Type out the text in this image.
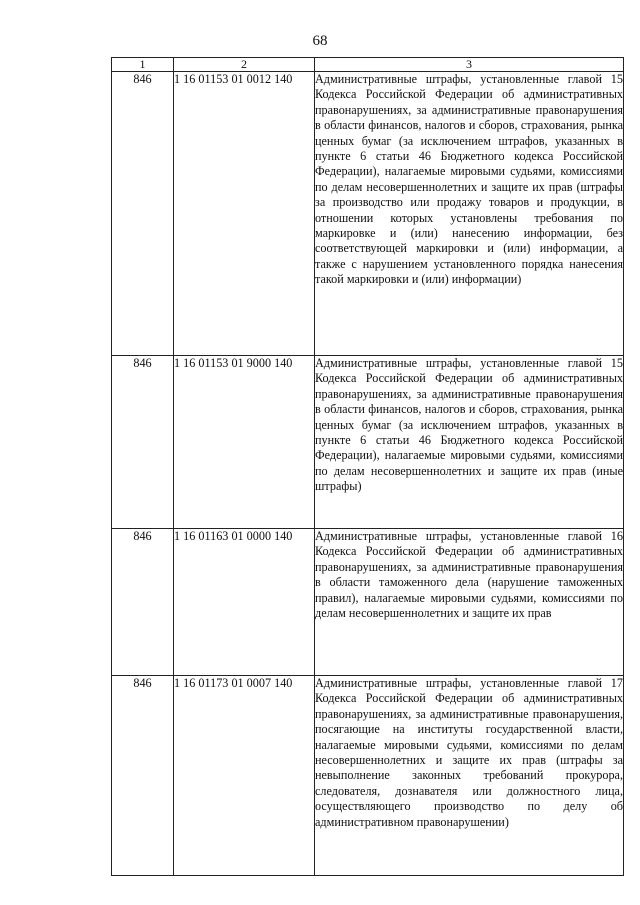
68
1	2	3
846	1 16 01153 01 0012 140	Административные штрафы, установленные главой 15 Кодекса Российской Федерации об административных правонарушениях, за административные правонарушения в области финансов, налогов и сборов, страхования, рынка ценных бумаг (за исключением штрафов, указанных в пункте 6 статьи 46 Бюджетного кодекса Российской Федерации), налагаемые мировыми судьями, комиссиями по делам несовершеннолетних и защите их прав (штрафы за производство или продажу товаров и продукции, в отношении которых установлены требования по маркировке и (или) нанесению информации, без соответствующей маркировки и (или) информации, а также с нарушением установленного порядка нанесения такой маркировки и (или) информации)
846	1 16 01153 01 9000 140	Административные штрафы, установленные главой 15 Кодекса Российской Федерации об административных правонарушениях, за административные правонарушения в области финансов, налогов и сборов, страхования, рынка ценных бумаг (за исключением штрафов, указанных в пункте 6 статьи 46 Бюджетного кодекса Российской Федерации), налагаемые мировыми судьями, комиссиями по делам несовершеннолетних и защите их прав (иные штрафы)
846	1 16 01163 01 0000 140	Административные штрафы, установленные главой 16 Кодекса Российской Федерации об административных правонарушениях, за административные правонарушения в области таможенного дела (нарушение таможенных правил), налагаемые мировыми судьями, комиссиями по делам несовершеннолетних и защите их прав
846	1 16 01173 01 0007 140	Административные штрафы, установленные главой 17 Кодекса Российской Федерации об административных правонарушениях, за административные правонарушения, посягающие на институты государственной власти, налагаемые мировыми судьями, комиссиями по делам несовершеннолетних и защите их прав (штрафы за невыполнение законных требований прокурора, следователя, дознавателя или должностного лица, осуществляющего производство по делу об административном правонарушении)
